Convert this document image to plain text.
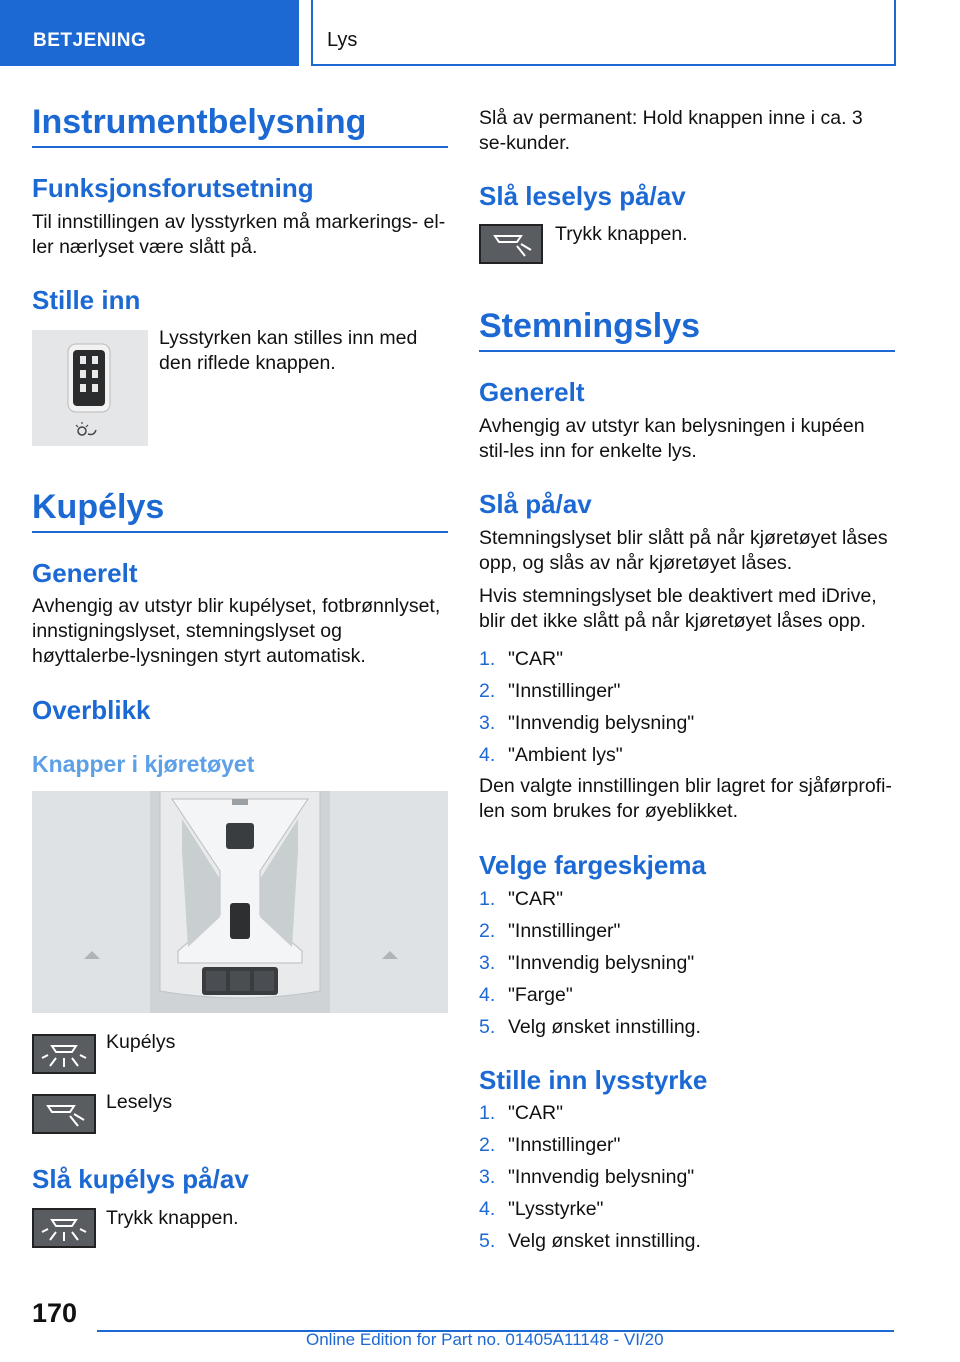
BETJENING	Lys
Instrumentbelysning
Funksjonsforutsetning
Til innstillingen av lysstyrken må markerings- el-ler nærlyset være slått på.
Stille inn
Lysstyrken kan stilles inn med den riflede knappen.
Kupélys
Generelt
Avhengig av utstyr blir kupélyset, fotbrønnlyset, innstigningslyset, stemningslyset og høyttalerbe-lysningen styrt automatisk.
Overblikk
Knapper i kjøretøyet
Kupélys
Leselys
Slå kupélys på/av
Trykk knappen.
Slå av permanent: Hold knappen inne i ca. 3 se-kunder.
Slå leselys på/av
Trykk knappen.
Stemningslys
Generelt
Avhengig av utstyr kan belysningen i kupéen stil-les inn for enkelte lys.
Slå på/av
Stemningslyset blir slått på når kjøretøyet låses opp, og slås av når kjøretøyet låses.
Hvis stemningslyset ble deaktivert med iDrive, blir det ikke slått på når kjøretøyet låses opp.
1. "CAR"
2. "Innstillinger"
3. "Innvendig belysning"
4. "Ambient lys"
Den valgte innstillingen blir lagret for sjåførprofi-len som brukes for øyeblikket.
Velge fargeskjema
1. "CAR"
2. "Innstillinger"
3. "Innvendig belysning"
4. "Farge"
5. Velg ønsket innstilling.
Stille inn lysstyrke
1. "CAR"
2. "Innstillinger"
3. "Innvendig belysning"
4. "Lysstyrke"
5. Velg ønsket innstilling.
170
Online Edition for Part no. 01405A11148 - VI/20
